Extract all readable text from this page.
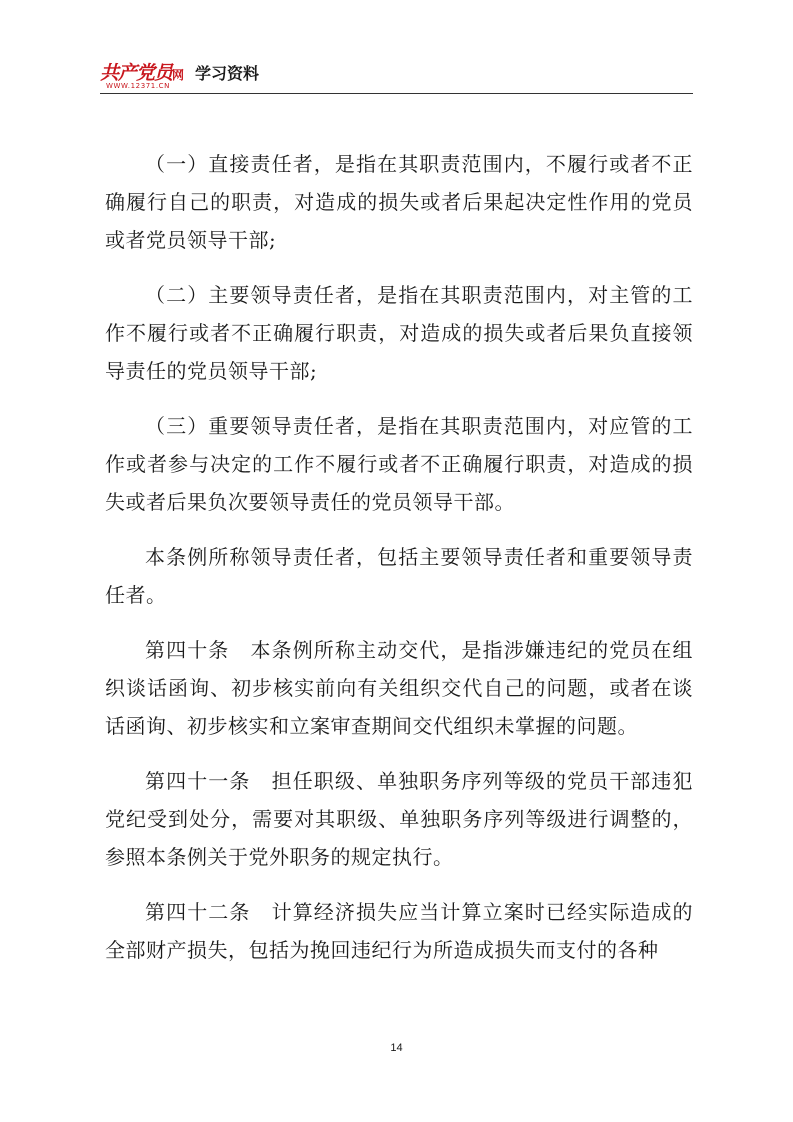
共产党员网
WWW.12371.CN
学习资料

（一）直接责任者，是指在其职责范围内，不履行或者不正确履行自己的职责，对造成的损失或者后果起决定性作用的党员或者党员领导干部;

（二）主要领导责任者，是指在其职责范围内，对主管的工作不履行或者不正确履行职责，对造成的损失或者后果负直接领导责任的党员领导干部;

（三）重要领导责任者，是指在其职责范围内，对应管的工作或者参与决定的工作不履行或者不正确履行职责，对造成的损失或者后果负次要领导责任的党员领导干部。

本条例所称领导责任者，包括主要领导责任者和重要领导责任者。

第四十条　本条例所称主动交代，是指涉嫌违纪的党员在组织谈话函询、初步核实前向有关组织交代自己的问题，或者在谈话函询、初步核实和立案审查期间交代组织未掌握的问题。

第四十一条　担任职级、单独职务序列等级的党员干部违犯党纪受到处分，需要对其职级、单独职务序列等级进行调整的，参照本条例关于党外职务的规定执行。

第四十二条　计算经济损失应当计算立案时已经实际造成的全部财产损失，包括为挽回违纪行为所造成损失而支付的各种

14
